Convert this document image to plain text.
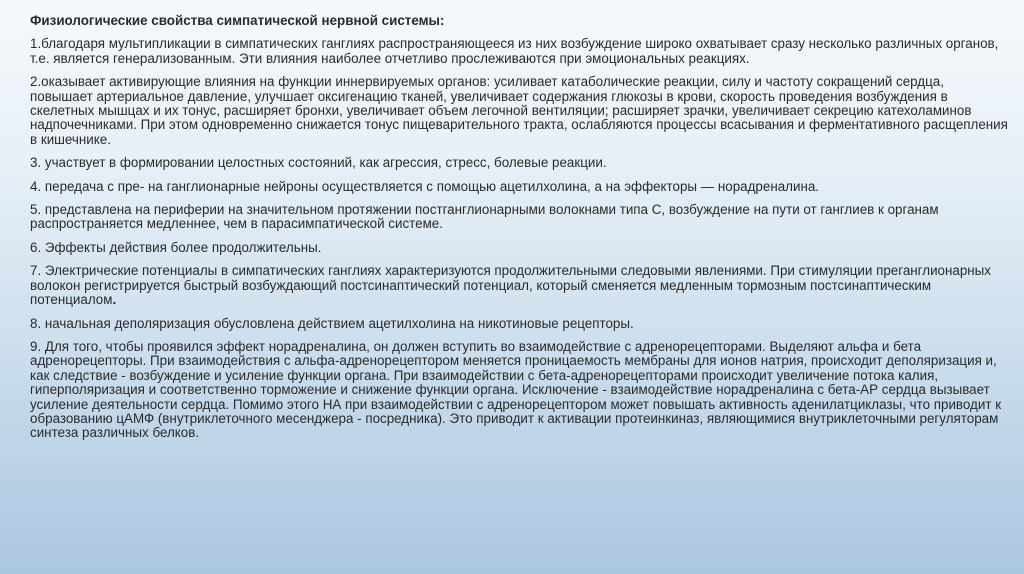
Физиологические свойства симпатической нервной системы:

1.благодаря мультипликации в симпатических ганглиях распространяющееся из них возбуждение широко охватывает сразу несколько различных органов, т.е. является генерализованным. Эти влияния наиболее отчетливо прослеживаются при эмоциональных реакциях.

2.оказывает активирующие влияния на функции иннервируемых органов: усиливает катаболические реакции, силу и частоту сокращений сердца, повышает артериальное давление, улучшает оксигенацию тканей, увеличивает содержания глюкозы в крови, скорость проведения возбуждения в скелетных мышцах и их тонус, расширяет бронхи, увеличивает объем легочной вентиляции; расширяет зрачки, увеличивает секрецию катехоламинов надпочечниками. При этом одновременно снижается тонус пищеварительного тракта, ослабляются процессы всасывания и ферментативного расщепления в кишечнике.

3. участвует в формировании целостных состояний, как агрессия, стресс, болевые реакции.

4. передача с пре- на ганглионарные нейроны осуществляется с помощью ацетилхолина, а на эффекторы — норадреналина.

5. представлена на периферии на значительном протяжении постганглионарными волокнами типа С, возбуждение на пути от ганглиев к органам распространяется медленнее, чем в парасимпатической системе.

6. Эффекты действия более продолжительны.

7. Электрические потенциалы в симпатических ганглиях характеризуются продолжительными следовыми явлениями. При стимуляции преганглионарных волокон регистрируется быстрый возбуждающий постсинаптический потенциал, который сменяется медленным тормозным постсинаптическим потенциалом.

8. начальная деполяризация обусловлена действием ацетилхолина на никотиновые рецепторы.

9. Для того, чтобы проявился эффект норадреналина, он должен вступить во взаимодействие с адренорецепторами. Выделяют альфа и бета адренорецепторы. При взаимодействия с альфа-адренорецептором меняется проницаемость мембраны для ионов натрия, происходит деполяризация и, как следствие - возбуждение и усиление функции органа. При взаимодействии с бета-адренорецепторами происходит увеличение потока калия, гиперполяризация и соответственно торможение и снижение функции органа. Исключение - взаимодействие норадреналина с бета-АР сердца вызывает усиление деятельности сердца. Помимо этого НА при взаимодействии с адренорецептором может повышать активность аденилатциклазы, что приводит к образованию цАМФ (внутриклеточного месенджера - посредника). Это приводит к активации протеинкиназ, являющимися внутриклеточными регуляторам синтеза различных белков.
